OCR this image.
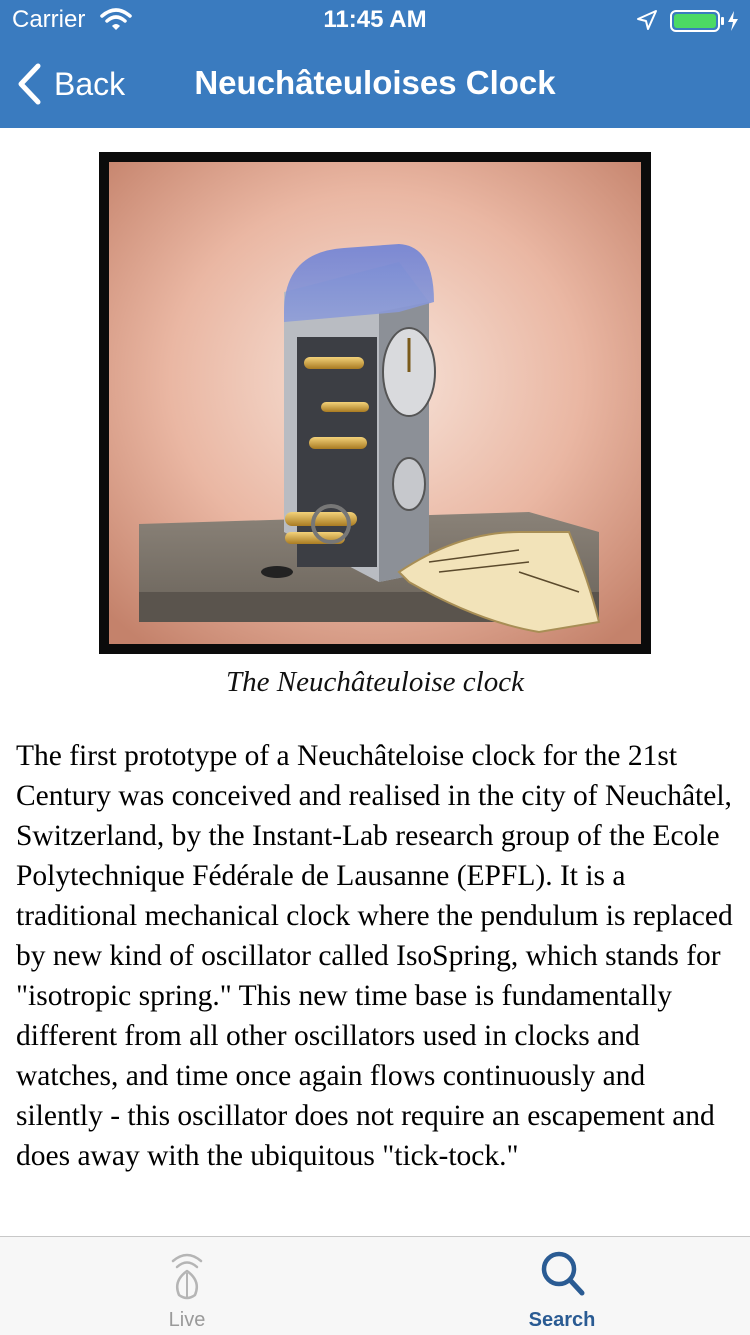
Carrier	11:45 AM
Back	Neuchâteuloises Clock
The Neuchâteuloise clock

The first prototype of a Neuchâteloise clock for the 21st Century was conceived and realised in the city of Neuchâtel, Switzerland, by the Instant-Lab research group of the Ecole Polytechnique Fédérale de Lausanne (EPFL). It is a traditional mechanical clock where the pendulum is replaced by new kind of oscillator called IsoSpring, which stands for "isotropic spring." This new time base is fundamentally different from all other oscillators used in clocks and watches, and time once again flows continuously and silently - this oscillator does not require an escapement and does away with the ubiquitous "tick-tock."

Live	Search
